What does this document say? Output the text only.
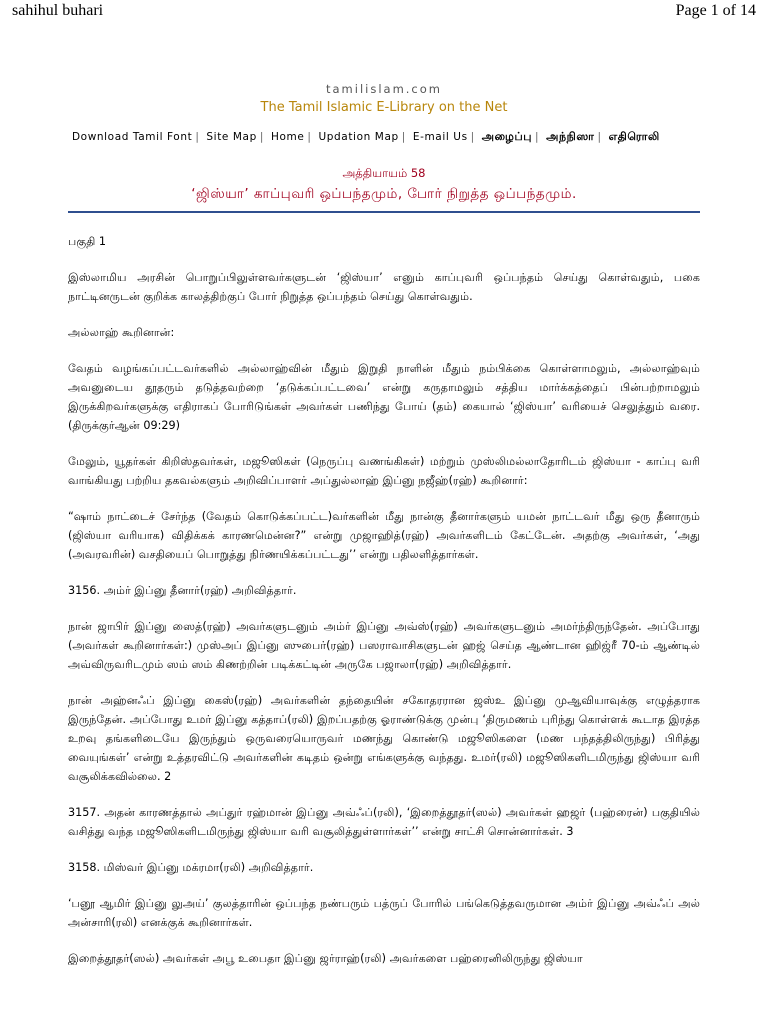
sahihul buhari	Page 1 of 14
tamilislam.com
The Tamil Islamic E-Library on the Net
Download Tamil Font | Site Map | Home | Updation Map | E-mail Us | அழைப்பு | அந்நிஸா | எதிரொலி
அத்தியாயம் 58
‘ஜிஸ்யா’ காப்புவரி ஒப்பந்தமும், போர் நிறுத்த ஒப்பந்தமும்.

பகுதி 1

இஸ்லாமிய அரசின் பொறுப்பிலுள்ளவர்களுடன் ‘ஜிஸ்யா’ எனும் காப்புவரி ஒப்பந்தம் செய்து கொள்வதும், பகை நாட்டினருடன் குறிக்க காலத்திற்குப் போர் நிறுத்த ஒப்பந்தம் செய்து கொள்வதும்.

அல்லாஹ் கூறினான்:

வேதம் வழங்கப்பட்டவர்களில் அல்லாஹ்வின் மீதும் இறுதி நாளின் மீதும் நம்பிக்கை கொள்ளாமலும், அல்லாஹ்வும் அவனுடைய தூதரும் தடுத்தவற்றை ‘தடுக்கப்பட்டவை’ என்று கருதாமலும் சத்திய மார்க்கத்தைப் பின்பற்றாமலும் இருக்கிறவர்களுக்கு எதிராகப் போரிடுங்கள் அவர்கள் பணிந்து போய் (தம்) கையால் ‘ஜிஸ்யா’ வரியைச் செலுத்தும் வரை. (திருக்குர்ஆன் 09:29)

மேலும், யூதர்கள் கிறிஸ்தவர்கள், மஜூஸிகள் (நெருப்பு வணங்கிகள்) மற்றும் முஸ்லிமல்லாதோரிடம் ஜிஸ்யா - காப்பு வரி வாங்கியது பற்றிய தகவல்களும் அறிவிப்பாளர் அப்துல்லாஹ் இப்னு நஜீஹ்(ரஹ்) கூறினார்:

“ஷாம் நாட்டைச் சேர்ந்த (வேதம் கொடுக்கப்பட்ட)வர்களின் மீது நான்கு தீனார்களும் யமன் நாட்டவர் மீது ஒரு தீனாரும் (ஜிஸ்யா வரியாக) விதிக்கக் காரணமென்ன?” என்று முஜாஹித்(ரஹ்) அவர்களிடம் கேட்டேன். அதற்கு அவர்கள், ‘அது (அவரவரின்) வசதியைப் பொறுத்து நிர்ணயிக்கப்பட்டது’’ என்று பதிலளித்தார்கள்.

3156. அம்ர் இப்னு தீனார்(ரஹ்) அறிவித்தார்.

நான் ஜாபிர் இப்னு ஸைத்(ரஹ்) அவர்களுடனும் அம்ர் இப்னு அவ்ஸ்(ரஹ்) அவர்களுடனும் அமர்ந்திருந்தேன். அப்போது (அவர்கள் கூறினார்கள்:) முஸ்அப் இப்னு ஸுபைர்(ரஹ்) பஸராவாசிகளுடன் ஹஜ் செய்த ஆண்டான ஹிஜ்ரீ 70-ம் ஆண்டில் அவ்விருவரிடமும் ஸம் ஸம் கிணற்றின் படிக்கட்டின் அருகே பஜாலா(ரஹ்) அறிவித்தார்.

நான் அஹ்னஃப் இப்னு கைஸ்(ரஹ்) அவர்களின் தந்தையின் சகோதரரான ஜஸ்உ இப்னு முஆவியாவுக்கு எழுத்தராக இருந்தேன். அப்போது உமர் இப்னு கத்தாப்(ரலி) இறப்பதற்கு ஓராண்டுக்கு முன்பு ‘திருமணம் புரிந்து கொள்ளக் கூடாத இரத்த உறவு தங்களிடையே இருந்தும் ஒருவரையொருவர் மணந்து கொண்டு மஜூஸிகளை (மண பந்தத்திலிருந்து) பிரித்து வையுங்கள்’ என்று உத்தரவிட்டு அவர்களின் கடிதம் ஒன்று எங்களுக்கு வந்தது. உமர்(ரலி) மஜூஸிகளிடமிருந்து ஜிஸ்யா வரி வசூலிக்கவில்லை. 2

3157. அதன் காரணத்தால் அப்துர் ரஹ்மான் இப்னு அவ்ஃப்(ரலி), ‘இறைத்தூதர்(ஸல்) அவர்கள் ஹஜர் (பஹ்ரைன்) பகுதியில் வசித்து வந்த மஜூஸிகளிடமிருந்து ஜிஸ்யா வரி வசூலித்துள்ளார்கள்’’ என்று சாட்சி சொன்னார்கள். 3

3158. மிஸ்வர் இப்னு மக்ரமா(ரலி) அறிவித்தார்.

‘பனூ ஆமிர் இப்னு லுஅய்’ குலத்தாரின் ஒப்பந்த நண்பரும் பத்ருப் போரில் பங்கெடுத்தவருமான அம்ர் இப்னு அவ்ஃப் அல் அன்சாரி(ரலி) எனக்குக் கூறினார்கள்.

இறைத்தூதர்(ஸல்) அவர்கள் அபூ உபைதா இப்னு ஜர்ராஹ்(ரலி) அவர்களை பஹ்ரைனிலிருந்து ஜிஸ்யா
